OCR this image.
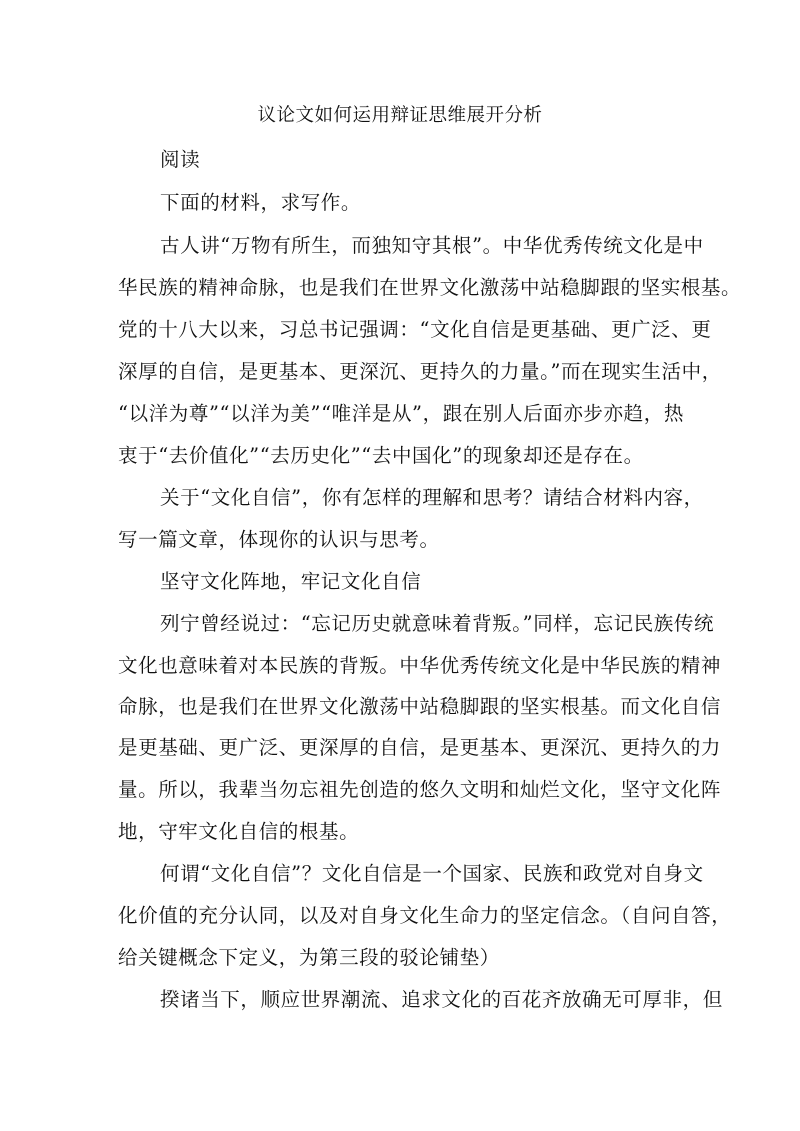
议论文如何运用辩证思维展开分析
阅读
下面的材料，求写作。
古人讲“万物有所生，而独知守其根”。中华优秀传统文化是中
华民族的精神命脉，也是我们在世界文化激荡中站稳脚跟的坚实根基。
党的十八大以来，习总书记强调：“文化自信是更基础、更广泛、更
深厚的自信，是更基本、更深沉、更持久的力量。”而在现实生活中，
“以洋为尊”“以洋为美”“唯洋是从”，跟在别人后面亦步亦趋，热
衷于“去价值化”“去历史化”“去中国化”的现象却还是存在。
关于“文化自信”，你有怎样的理解和思考？请结合材料内容，
写一篇文章，体现你的认识与思考。
坚守文化阵地，牢记文化自信
列宁曾经说过：“忘记历史就意味着背叛。”同样，忘记民族传统
文化也意味着对本民族的背叛。中华优秀传统文化是中华民族的精神
命脉，也是我们在世界文化激荡中站稳脚跟的坚实根基。而文化自信
是更基础、更广泛、更深厚的自信，是更基本、更深沉、更持久的力
量。所以，我辈当勿忘祖先创造的悠久文明和灿烂文化，坚守文化阵
地，守牢文化自信的根基。
何谓“文化自信”？文化自信是一个国家、民族和政党对自身文
化价值的充分认同，以及对自身文化生命力的坚定信念。（自问自答，
给关键概念下定义，为第三段的驳论铺垫）
揆诸当下，顺应世界潮流、追求文化的百花齐放确无可厚非，但
